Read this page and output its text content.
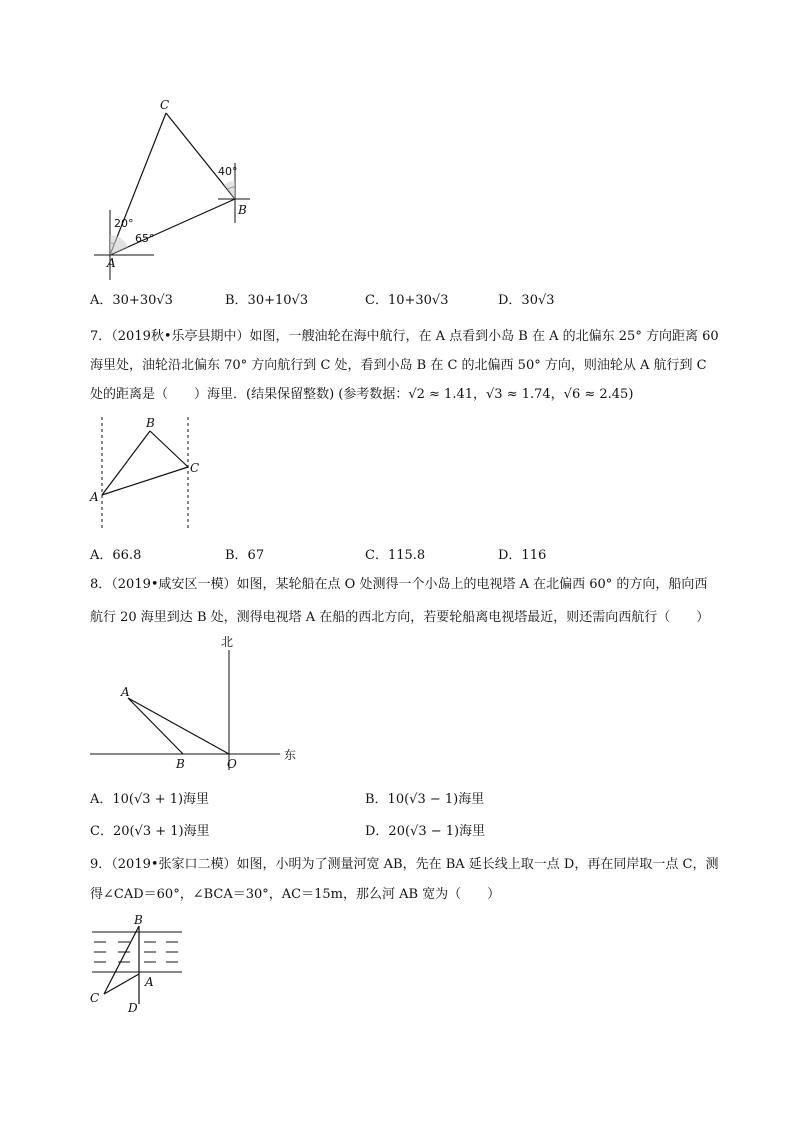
C
B
A
40°
20°
65°
A．30+30√3	B．30+10√3	C．10+30√3	D．30√3
7．（2019秋•乐亭县期中）如图，一艘油轮在海中航行，在 A 点看到小岛 B 在 A 的北偏东 25° 方向距离 60
海里处，油轮沿北偏东 70° 方向航行到 C 处，看到小岛 B 在 C 的北偏西 50° 方向，则油轮从 A 航行到 C
处的距离是（　　）海里．(结果保留整数) (参考数据：√2 ≈ 1.41，√3 ≈ 1.74，√6 ≈ 2.45)
A
B
C
A．66.8	B．67	C．115.8	D．116
8．（2019•咸安区一模）如图，某轮船在点 O 处测得一个小岛上的电视塔 A 在北偏西 60° 的方向，船向西
航行 20 海里到达 B 处，测得电视塔 A 在船的西北方向，若要轮船离电视塔最近，则还需向西航行（　　）
北
东
A
B	O
A．10(√3 + 1)海里	B．10(√3 − 1)海里
C．20(√3 + 1)海里	D．20(√3 − 1)海里
9．（2019•张家口二模）如图，小明为了测量河宽 AB，先在 BA 延长线上取一点 D，再在同岸取一点 C，测
得∠CAD＝60°，∠BCA＝30°，AC＝15m，那么河 AB 宽为（　　）
B
A
C
D
